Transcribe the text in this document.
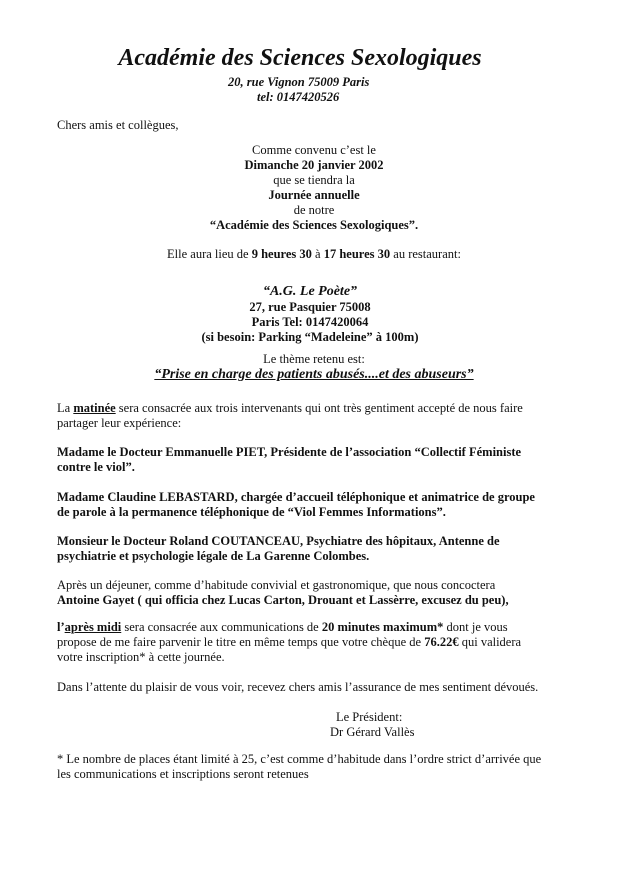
Académie des Sciences Sexologiques
20, rue Vignon 75009 Paris
tel: 0147420526
Chers amis et collègues,
Comme convenu c’est le
Dimanche 20 janvier 2002
que se tiendra la
Journée annuelle
de notre
“Académie des Sciences Sexologiques”.
Elle aura lieu de 9 heures 30 à 17 heures 30 au restaurant:
“A.G. Le Poète”
27, rue Pasquier 75008
Paris Tel: 0147420064
(si besoin: Parking “Madeleine” à 100m)
Le thème retenu est:
“Prise en charge des patients abusés....et des abuseurs”
La matinée sera consacrée aux trois intervenants qui ont très gentiment accepté de nous faire
partager leur expérience:
Madame le Docteur Emmanuelle PIET, Présidente de l’association “Collectif Féministe
contre le viol”.
Madame Claudine LEBASTARD, chargée d’accueil téléphonique et animatrice de groupe
de parole à la permanence téléphonique de “Viol Femmes Informations”.
Monsieur le Docteur Roland COUTANCEAU, Psychiatre des hôpitaux, Antenne de
psychiatrie et psychologie légale de La Garenne Colombes.
Après un déjeuner, comme d’habitude convivial et gastronomique, que nous concoctera
Antoine Gayet ( qui officia chez Lucas Carton, Drouant et Lassèrre, excusez du peu),
l’après midi sera consacrée aux communications de 20 minutes maximum* dont je vous
propose de me faire parvenir le titre en même temps que votre chèque de 76.22€ qui validera
votre inscription* à cette journée.
Dans l’attente du plaisir de vous voir, recevez chers amis l’assurance de mes sentiment dévoués.
Le Président:
Dr Gérard Vallès
* Le nombre de places étant limité à 25, c’est comme d’habitude dans l’ordre strict d’arrivée que
les communications et inscriptions seront retenues
